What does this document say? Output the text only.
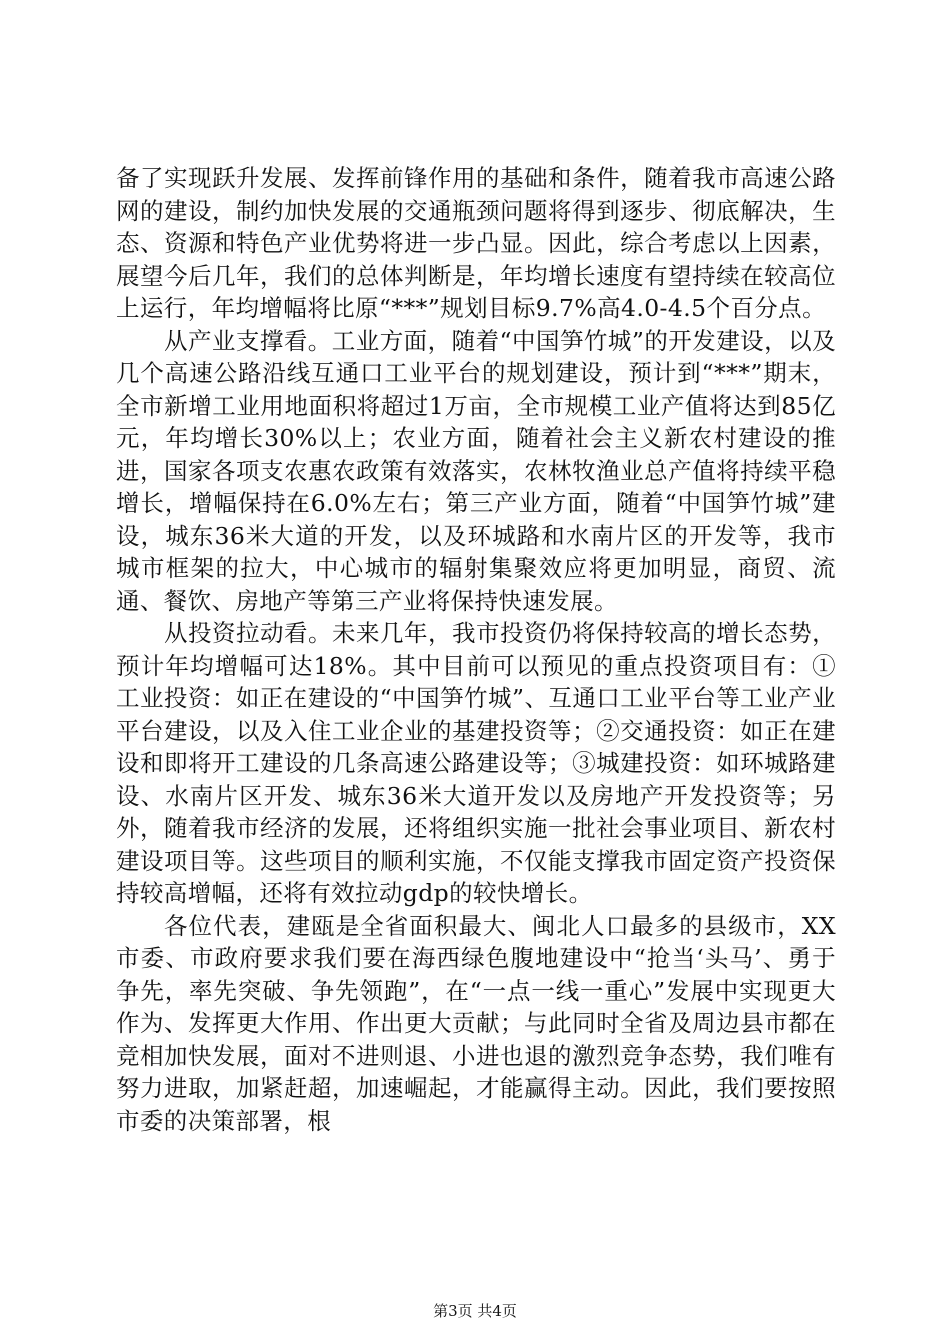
备了实现跃升发展、发挥前锋作用的基础和条件，随着我市高速公路网的建设，制约加快发展的交通瓶颈问题将得到逐步、彻底解决，生态、资源和特色产业优势将进一步凸显。因此，综合考虑以上因素，展望今后几年，我们的总体判断是，年均增长速度有望持续在较高位上运行，年均增幅将比原“***”规划目标9.7%高4.0-4.5个百分点。

从产业支撑看。工业方面，随着“中国笋竹城”的开发建设，以及几个高速公路沿线互通口工业平台的规划建设，预计到“***”期末，全市新增工业用地面积将超过1万亩，全市规模工业产值将达到85亿元，年均增长30%以上；农业方面，随着社会主义新农村建设的推进，国家各项支农惠农政策有效落实，农林牧渔业总产值将持续平稳增长，增幅保持在6.0%左右；第三产业方面，随着“中国笋竹城”建设，城东36米大道的开发，以及环城路和水南片区的开发等，我市城市框架的拉大，中心城市的辐射集聚效应将更加明显，商贸、流通、餐饮、房地产等第三产业将保持快速发展。

从投资拉动看。未来几年，我市投资仍将保持较高的增长态势，预计年均增幅可达18%。其中目前可以预见的重点投资项目有：①工业投资：如正在建设的“中国笋竹城”、互通口工业平台等工业产业平台建设，以及入住工业企业的基建投资等；②交通投资：如正在建设和即将开工建设的几条高速公路建设等；③城建投资：如环城路建设、水南片区开发、城东36米大道开发以及房地产开发投资等；另外，随着我市经济的发展，还将组织实施一批社会事业项目、新农村建设项目等。这些项目的顺利实施，不仅能支撑我市固定资产投资保持较高增幅，还将有效拉动gdp的较快增长。

各位代表，建瓯是全省面积最大、闽北人口最多的县级市，XX市委、市政府要求我们要在海西绿色腹地建设中“抢当‘头马’、勇于争先，率先突破、争先领跑”，在“一点一线一重心”发展中实现更大作为、发挥更大作用、作出更大贡献；与此同时全省及周边县市都在竞相加快发展，面对不进则退、小进也退的激烈竞争态势，我们唯有努力进取，加紧赶超，加速崛起，才能赢得主动。因此，我们要按照市委的决策部署，根

第3页 共4页
